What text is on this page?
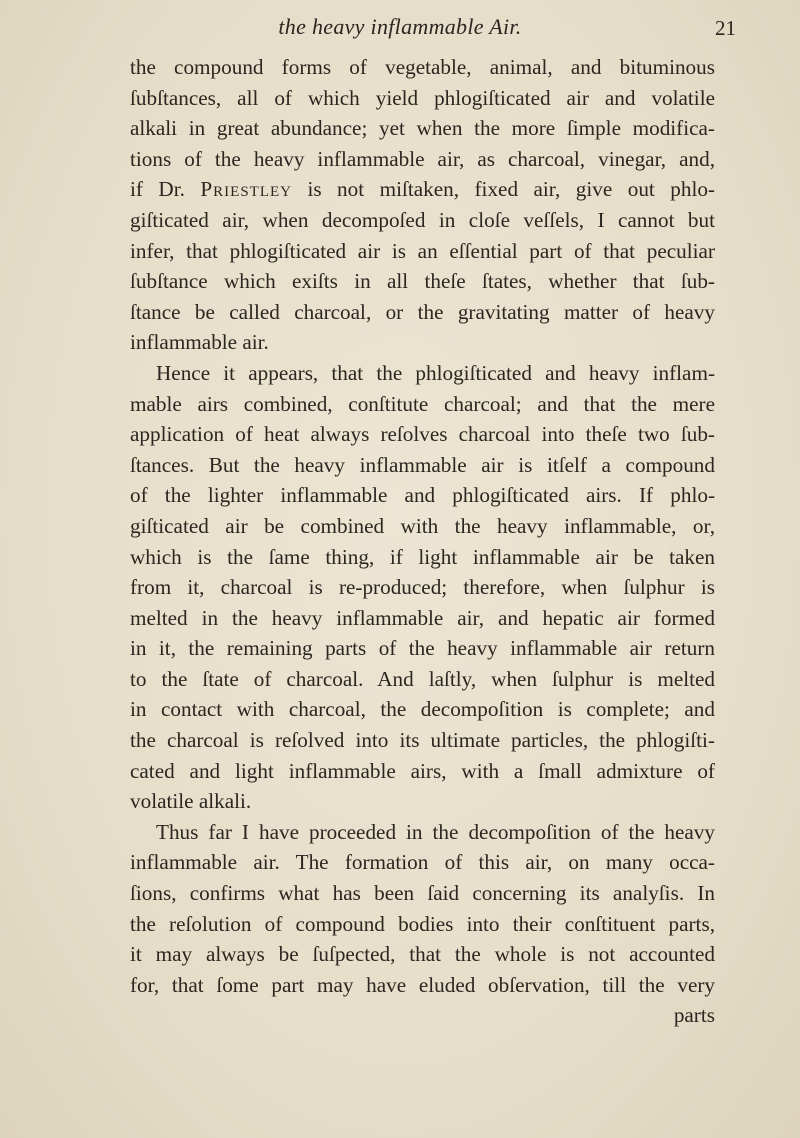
the heavy inflammable Air.	21
the compound forms of vegetable, animal, and bituminous
ſubſtances, all of which yield phlogiſticated air and volatile
alkali in great abundance; yet when the more ſimple modifica-
tions of the heavy inflammable air, as charcoal, vinegar, and,
if Dr. Priestley is not miſtaken, fixed air, give out phlo-
giſticated air, when decompoſed in cloſe veſſels, I cannot but
infer, that phlogiſticated air is an eſſential part of that peculiar
ſubſtance which exiſts in all theſe ſtates, whether that ſub-
ſtance be called charcoal, or the gravitating matter of heavy
inflammable air.
Hence it appears, that the phlogiſticated and heavy inflam-
mable airs combined, conſtitute charcoal; and that the mere
application of heat always reſolves charcoal into theſe two ſub-
ſtances. But the heavy inflammable air is itſelf a compound
of the lighter inflammable and phlogiſticated airs. If phlo-
giſticated air be combined with the heavy inflammable, or,
which is the ſame thing, if light inflammable air be taken
from it, charcoal is re-produced; therefore, when ſulphur is
melted in the heavy inflammable air, and hepatic air formed
in it, the remaining parts of the heavy inflammable air return
to the ſtate of charcoal. And laſtly, when ſulphur is melted
in contact with charcoal, the decompoſition is complete; and
the charcoal is reſolved into its ultimate particles, the phlogiſti-
cated and light inflammable airs, with a ſmall admixture of
volatile alkali.
Thus far I have proceeded in the decompoſition of the heavy
inflammable air. The formation of this air, on many occa-
ſions, confirms what has been ſaid concerning its analyſis. In
the reſolution of compound bodies into their conſtituent parts,
it may always be ſuſpected, that the whole is not accounted
for, that ſome part may have eluded obſervation, till the very
parts
